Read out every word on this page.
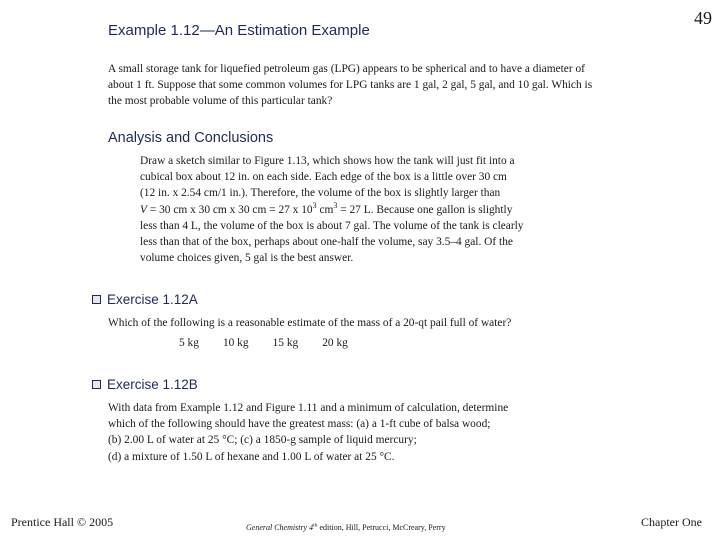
49
Example 1.12—An Estimation Example

A small storage tank for liquefied petroleum gas (LPG) appears to be spherical and to have a diameter of about 1 ft. Suppose that some common volumes for LPG tanks are 1 gal, 2 gal, 5 gal, and 10 gal. Which is the most probable volume of this particular tank?

Analysis and Conclusions
Draw a sketch similar to Figure 1.13, which shows how the tank will just fit into a
cubical box about 12 in. on each side. Each edge of the box is a little over 30 cm
(12 in. x 2.54 cm/1 in.). Therefore, the volume of the box is slightly larger than
V = 30 cm x 30 cm x 30 cm = 27 x $10^3$ $cm^3 = 27$ L. Because one gallon is slightly
less than 4 L, the volume of the box is about 7 gal. The volume of the tank is clearly
less than that of the box, perhaps about one-half the volume, say 3.5–4 gal. Of the
volume choices given, 5 gal is the best answer.
Exercise 1.12A

Which of the following is a reasonable estimate of the mass of a 20-qt pail full of water?

5 kg 10 kg 15 kg 20 kg
Exercise 1.12B
With data from Example 1.12 and Figure 1.11 and a minimum of calculation, determine
which of the following should have the greatest mass: (a) a 1-ft cube of balsa wood;
(b) 2.00 L of water at 25 °C; (c) a 1850-g sample of liquid mercury;
(d) a mixture of 1.50 L of hexane and 1.00 L of water at 25 °C.
Prentice Hall © 2005	General Chemistry 4th edition, Hill, Petrucci, McCreary, Perry	Chapter One
